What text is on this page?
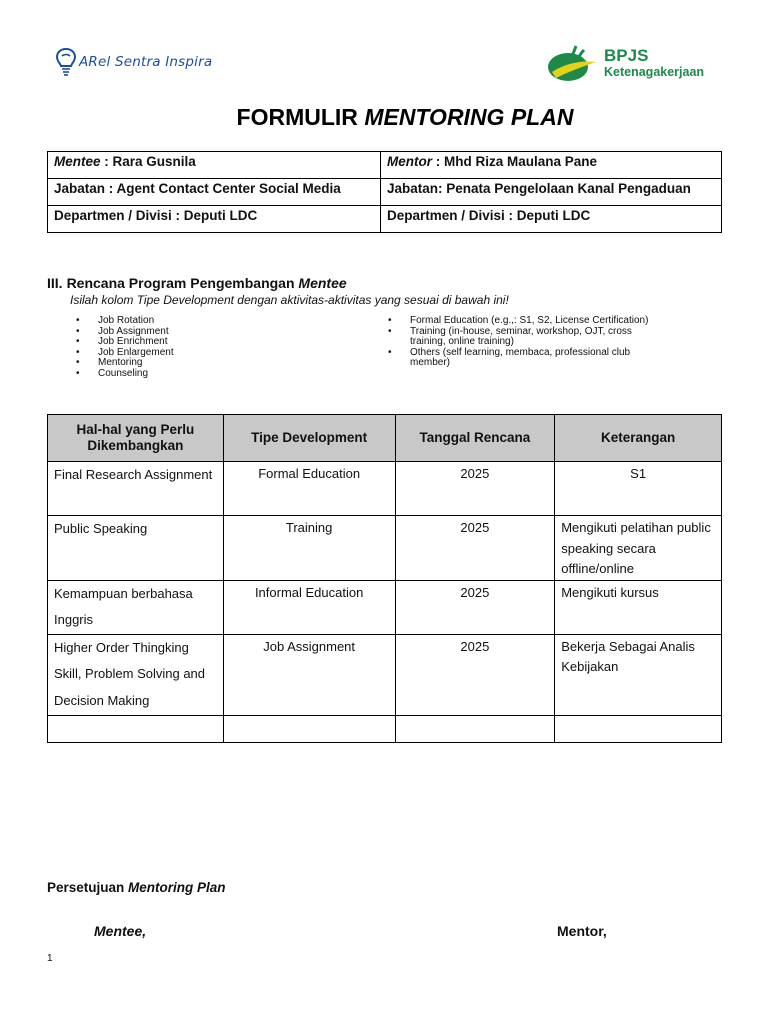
ARel Sentra Inspira	BPJS
Ketenagakerjaan
FORMULIR MENTORING PLAN
Mentee : Rara Gusnila	Mentor : Mhd Riza Maulana Pane
Jabatan : Agent Contact Center Social Media	Jabatan: Penata Pengelolaan Kanal Pengaduan
Departmen / Divisi : Deputi LDC	Departmen / Divisi : Deputi LDC
III. Rencana Program Pengembangan Mentee
Isilah kolom Tipe Development dengan aktivitas-aktivitas yang sesuai di bawah ini!
• Job Rotation
• Job Assignment
• Job Enrichment
• Job Enlargement
• Mentoring
• Counseling
• Formal Education (e.g.,: S1, S2, License Certification)
• Training (in-house, seminar, workshop, OJT, cross training, online training)
• Others (self learning, membaca, professional club member)
Hal-hal yang Perlu Dikembangkan	Tipe Development	Tanggal Rencana	Keterangan
Final Research Assignment	Formal Education	2025	S1
Public Speaking	Training	2025	Mengikuti pelatihan public speaking secara offline/online
Kemampuan berbahasa Inggris	Informal Education	2025	Mengikuti kursus
Higher Order Thingking Skill, Problem Solving and Decision Making	Job Assignment	2025	Bekerja Sebagai Analis Kebijakan

Persetujuan Mentoring Plan
Mentee,	Mentor,
1
